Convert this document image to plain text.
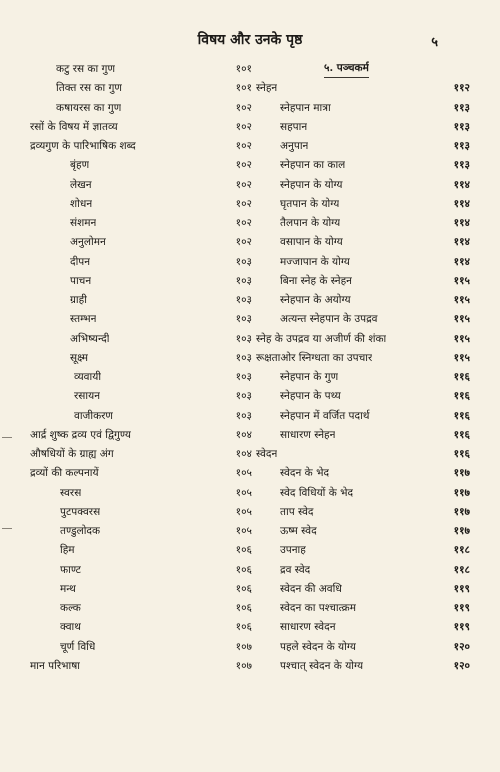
विषय और उनके पृष्ठ	५
कटु रस का गुण	१०१
तिक्त रस का गुण	१०१
कषायरस का गुण	१०२
रसों के विषय में ज्ञातव्य	१०२
द्रव्यगुण के पारिभाषिक शब्द	१०२
बृंहण	१०२
लेखन	१०२
शोधन	१०२
संशमन	१०२
अनुलोमन	१०२
दीपन	१०३
पाचन	१०३
ग्राही	१०३
स्तम्भन	१०३
अभिष्यन्दी	१०३
सूक्ष्म	१०३
व्यवायी	१०३
रसायन	१०३
वाजीकरण	१०३
आर्द्र शुष्क द्रव्य एवं द्विगुण्य	१०४
औषधियों के ग्राह्य अंग	१०४
द्रव्यों की कल्पनायें	१०५
स्वरस	१०५
पुटपक्वरस	१०५
तण्डुलोदक	१०५
हिम	१०६
फाण्ट	१०६
मन्थ	१०६
कल्क	१०६
क्वाथ	१०६
चूर्ण विधि	१०७
मान परिभाषा	१०७
५. पञ्चकर्म
स्नेहन	११२
स्नेहपान मात्रा	११३
सहपान	११३
अनुपान	११३
स्नेहपान का काल	११३
स्नेहपान के योग्य	११४
घृतपान के योग्य	११४
तैलपान के योग्य	११४
वसापान के योग्य	११४
मज्जापान के योग्य	११४
बिना स्नेह के स्नेहन	११५
स्नेहपान के अयोग्य	११५
अत्यन्त स्नेहपान के उपद्रव	११५
स्नेह के उपद्रव या अजीर्ण की शंका	११५
रूक्षताओर स्निग्धता का उपचार	११५
स्नेहपान के गुण	११६
स्नेहपान के पथ्य	११६
स्नेहपान में वर्जित पदार्थ	११६
साधारण स्नेहन	११६
स्वेदन	११६
स्वेदन के भेद	११७
स्वेद विधियों के भेद	११७
ताप स्वेद	११७
ऊष्म स्वेद	११७
उपनाह	११८
द्रव स्वेद	११८
स्वेदन की अवधि	११९
स्वेदन का पश्चात्क्रम	११९
साधारण स्वेदन	११९
पहले स्वेदन के योग्य	१२०
पश्चात् स्वेदन के योग्य	१२०
